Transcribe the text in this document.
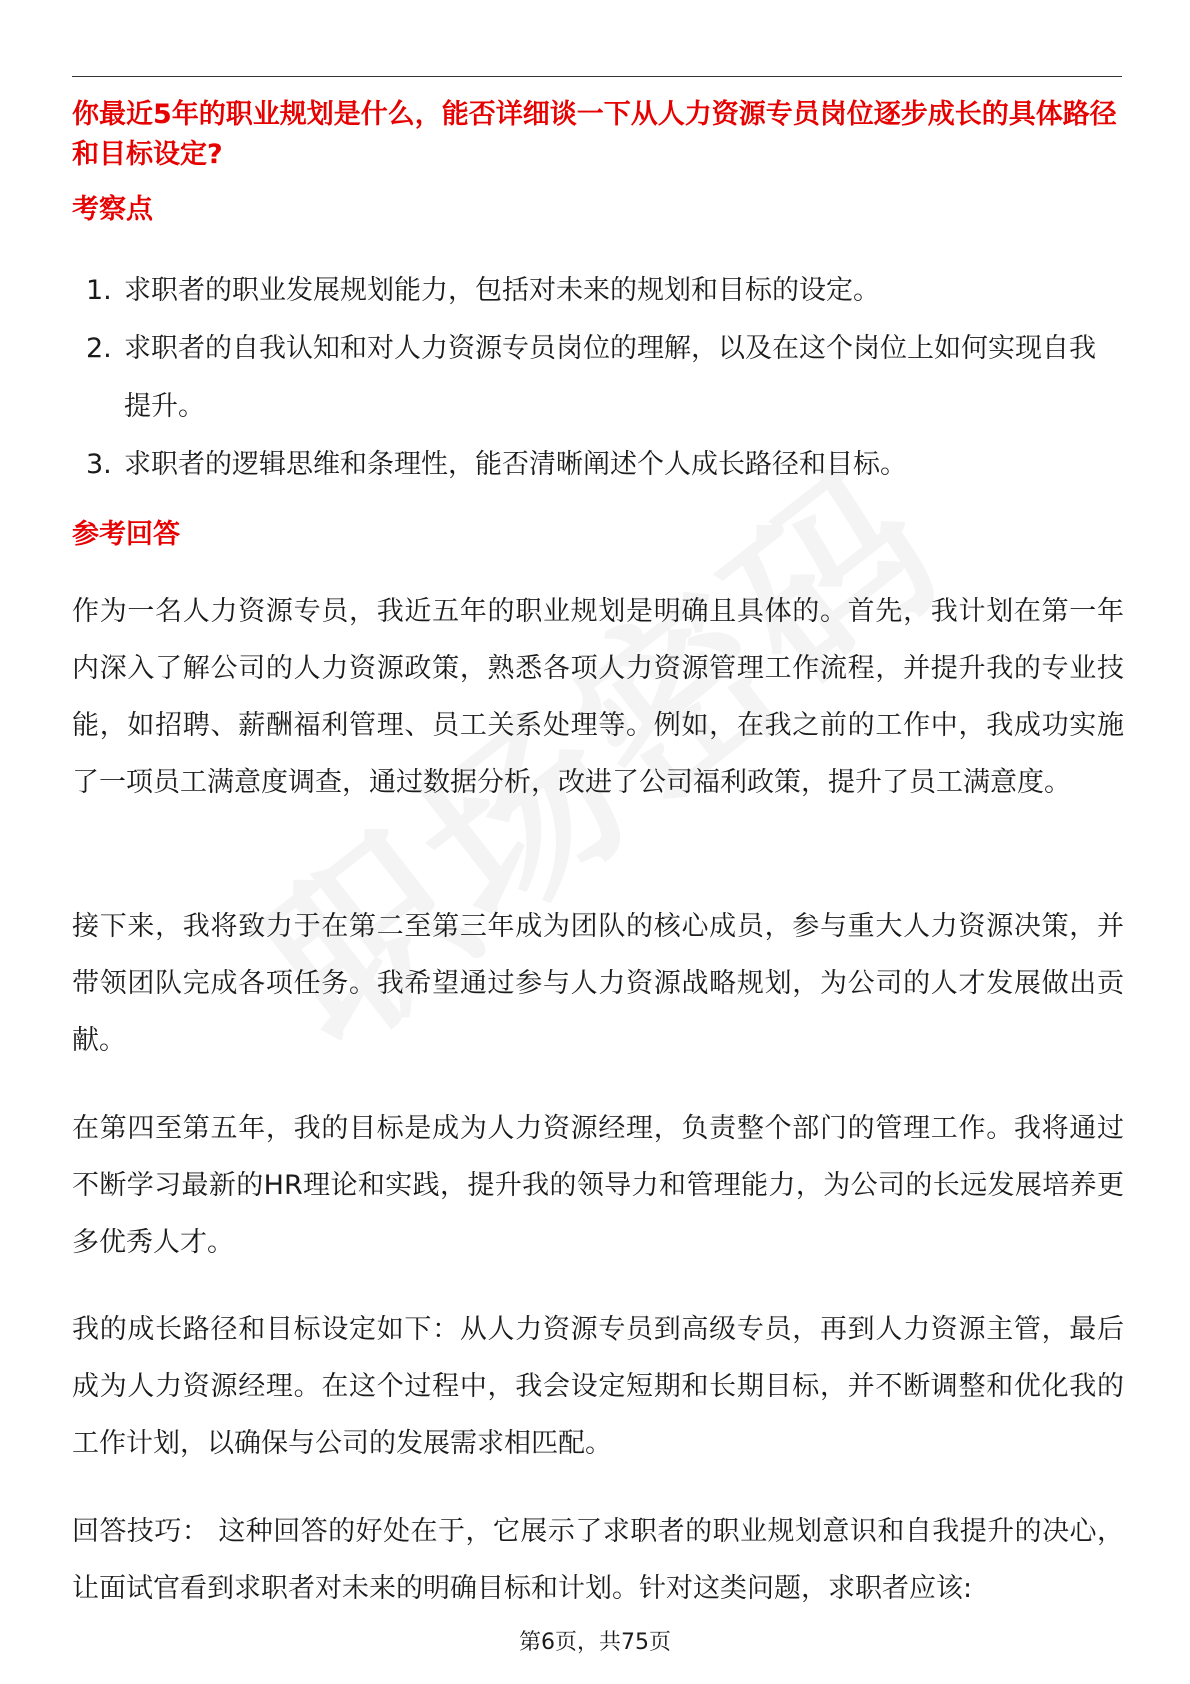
你最近5年的职业规划是什么，能否详细谈一下从人力资源专员岗位逐步成长的具体路径和目标设定?
考察点
1. 求职者的职业发展规划能力，包括对未来的规划和目标的设定。
2. 求职者的自我认知和对人力资源专员岗位的理解，以及在这个岗位上如何实现自我提升。
3. 求职者的逻辑思维和条理性，能否清晰阐述个人成长路径和目标。
参考回答

作为一名人力资源专员，我近五年的职业规划是明确且具体的。首先，我计划在第一年内深入了解公司的人力资源政策，熟悉各项人力资源管理工作流程，并提升我的专业技能，如招聘、薪酬福利管理、员工关系处理等。例如，在我之前的工作中，我成功实施了一项员工满意度调查，通过数据分析，改进了公司福利政策，提升了员工满意度。

接下来，我将致力于在第二至第三年成为团队的核心成员，参与重大人力资源决策，并带领团队完成各项任务。我希望通过参与人力资源战略规划，为公司的人才发展做出贡献。

在第四至第五年，我的目标是成为人力资源经理，负责整个部门的管理工作。我将通过不断学习最新的HR理论和实践，提升我的领导力和管理能力，为公司的长远发展培养更多优秀人才。

我的成长路径和目标设定如下：从人力资源专员到高级专员，再到人力资源主管，最后成为人力资源经理。在这个过程中，我会设定短期和长期目标，并不断调整和优化我的工作计划，以确保与公司的发展需求相匹配。

回答技巧： 这种回答的好处在于，它展示了求职者的职业规划意识和自我提升的决心，让面试官看到求职者对未来的明确目标和计划。针对这类问题，求职者应该:

第6页，共75页
